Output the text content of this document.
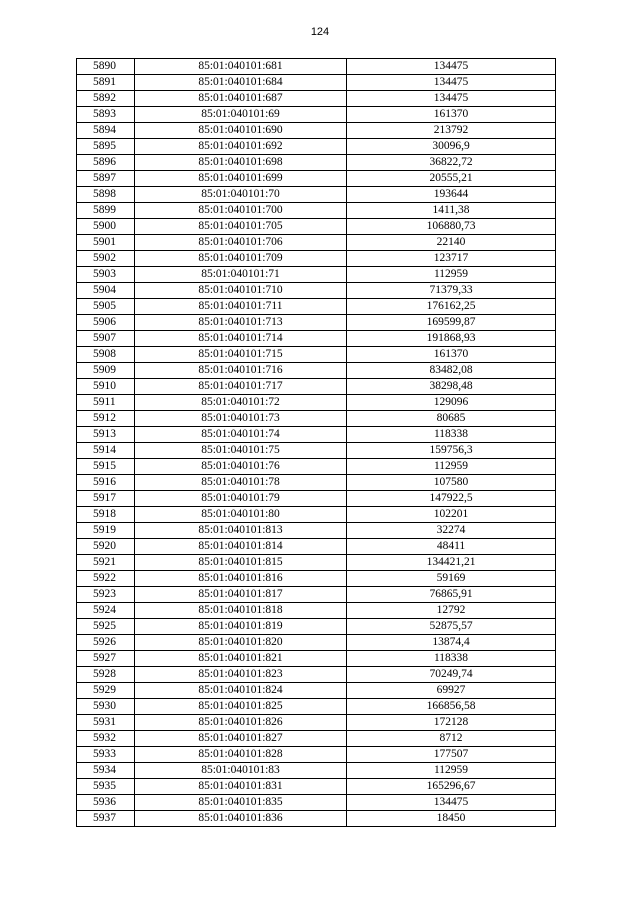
124
5890	85:01:040101:681	134475
5891	85:01:040101:684	134475
5892	85:01:040101:687	134475
5893	85:01:040101:69	161370
5894	85:01:040101:690	213792
5895	85:01:040101:692	30096,9
5896	85:01:040101:698	36822,72
5897	85:01:040101:699	20555,21
5898	85:01:040101:70	193644
5899	85:01:040101:700	1411,38
5900	85:01:040101:705	106880,73
5901	85:01:040101:706	22140
5902	85:01:040101:709	123717
5903	85:01:040101:71	112959
5904	85:01:040101:710	71379,33
5905	85:01:040101:711	176162,25
5906	85:01:040101:713	169599,87
5907	85:01:040101:714	191868,93
5908	85:01:040101:715	161370
5909	85:01:040101:716	83482,08
5910	85:01:040101:717	38298,48
5911	85:01:040101:72	129096
5912	85:01:040101:73	80685
5913	85:01:040101:74	118338
5914	85:01:040101:75	159756,3
5915	85:01:040101:76	112959
5916	85:01:040101:78	107580
5917	85:01:040101:79	147922,5
5918	85:01:040101:80	102201
5919	85:01:040101:813	32274
5920	85:01:040101:814	48411
5921	85:01:040101:815	134421,21
5922	85:01:040101:816	59169
5923	85:01:040101:817	76865,91
5924	85:01:040101:818	12792
5925	85:01:040101:819	52875,57
5926	85:01:040101:820	13874,4
5927	85:01:040101:821	118338
5928	85:01:040101:823	70249,74
5929	85:01:040101:824	69927
5930	85:01:040101:825	166856,58
5931	85:01:040101:826	172128
5932	85:01:040101:827	8712
5933	85:01:040101:828	177507
5934	85:01:040101:83	112959
5935	85:01:040101:831	165296,67
5936	85:01:040101:835	134475
5937	85:01:040101:836	18450
